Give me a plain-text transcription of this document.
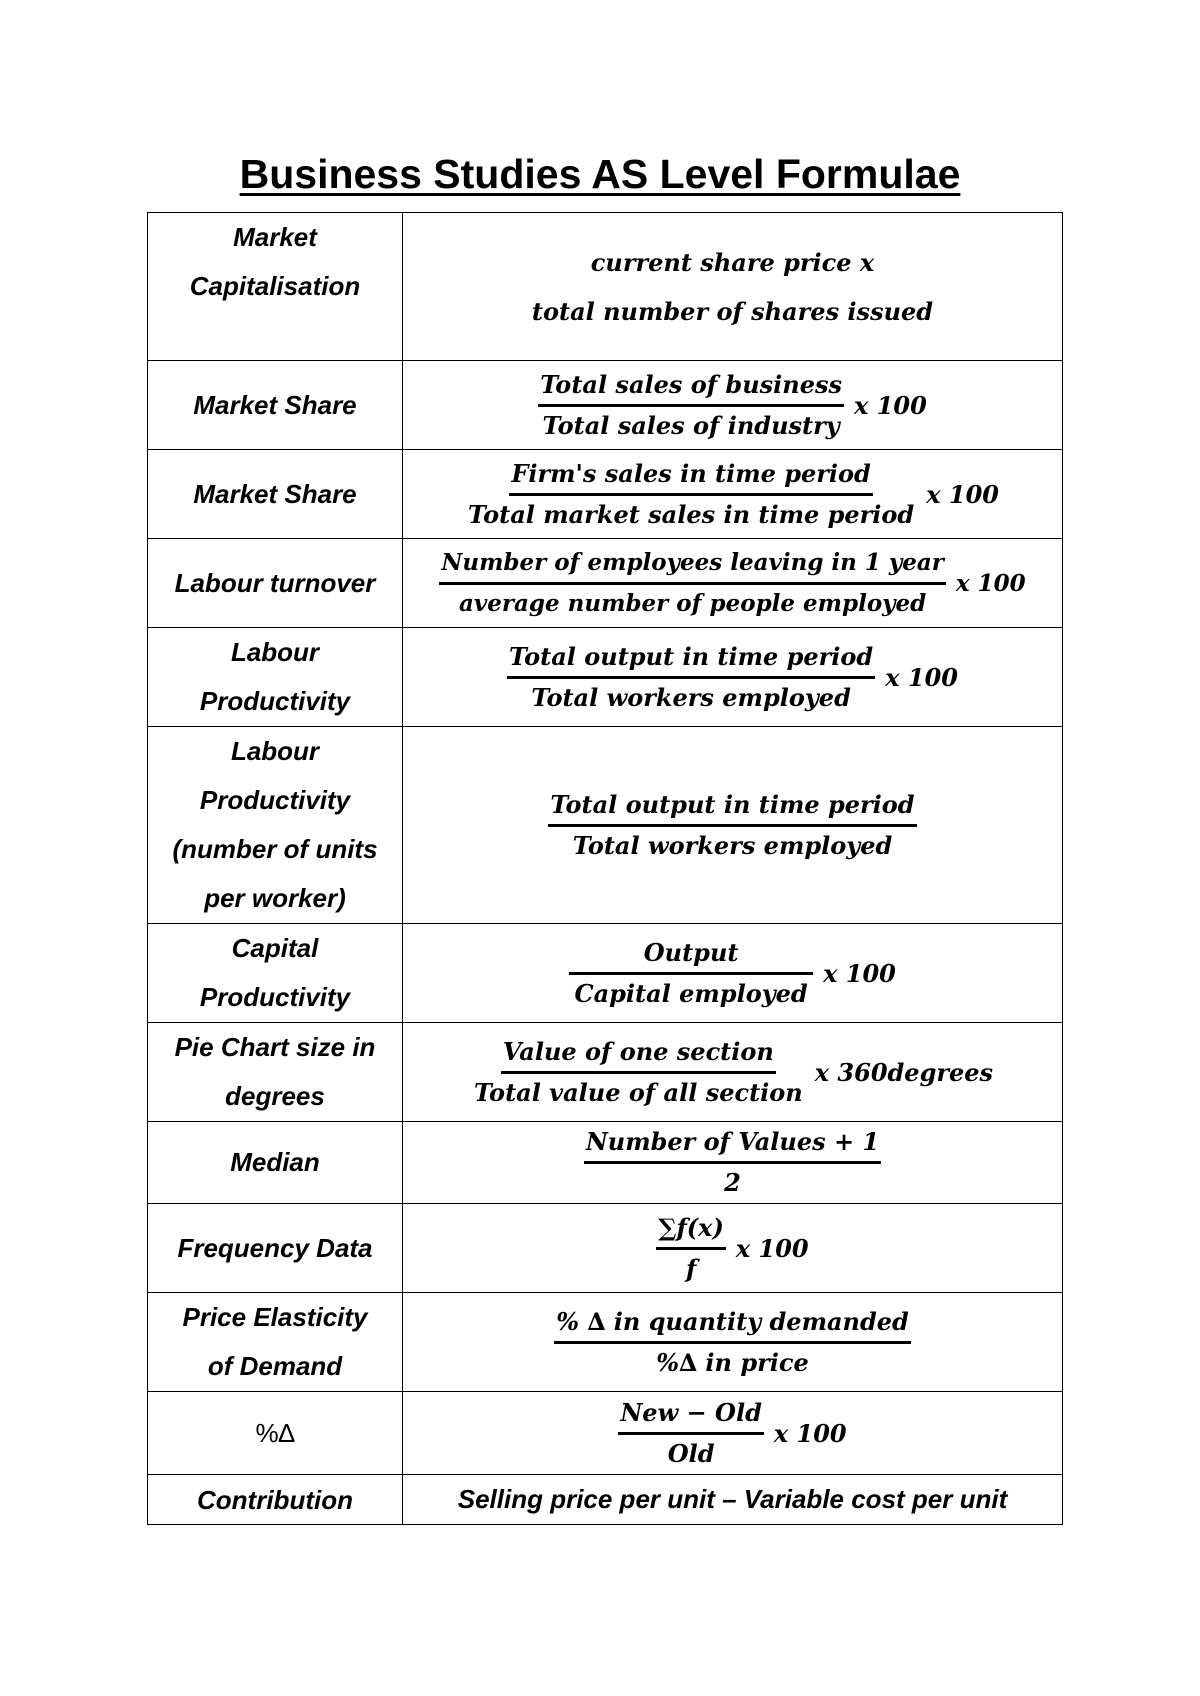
Business Studies AS Level Formulae
Market
Capitalisation	current share price x
total number of shares issued

Market Share	$\frac{\text{Total sales of business}}{\text{Total sales of industry}}$ x 100

Market Share	$\frac{\text{Firm's sales in time period}}{\text{Total market sales in time period}}$ x 100

Labour turnover	$\frac{\text{Number of employees leaving in 1 year}}{\text{average number of people employed}}$ x 100

Labour
Productivity	$\frac{\text{Total output in time period}}{\text{Total workers employed}}$ x 100

Labour
Productivity
(number of units
per worker)	$\frac{\text{Total output in time period}}{\text{Total workers employed}}$

Capital
Productivity	$\frac{\text{Output}}{\text{Capital employed}}$ x 100

Pie Chart size in
degrees	$\frac{\text{Value of one section}}{\text{Total value of all section}}$ x 360degrees

Median	$\frac{\text{Number of Values + 1}}{2}$

Frequency Data	$\frac{\sum f(x)}{f}$ x 100

Price Elasticity
of Demand	$\frac{\text{\% ∆ in quantity demanded}}{\text{\%∆ in price}}$

%∆	$\frac{\text{New − Old}}{\text{Old}}$ x 100

Contribution	Selling price per unit – Variable cost per unit
